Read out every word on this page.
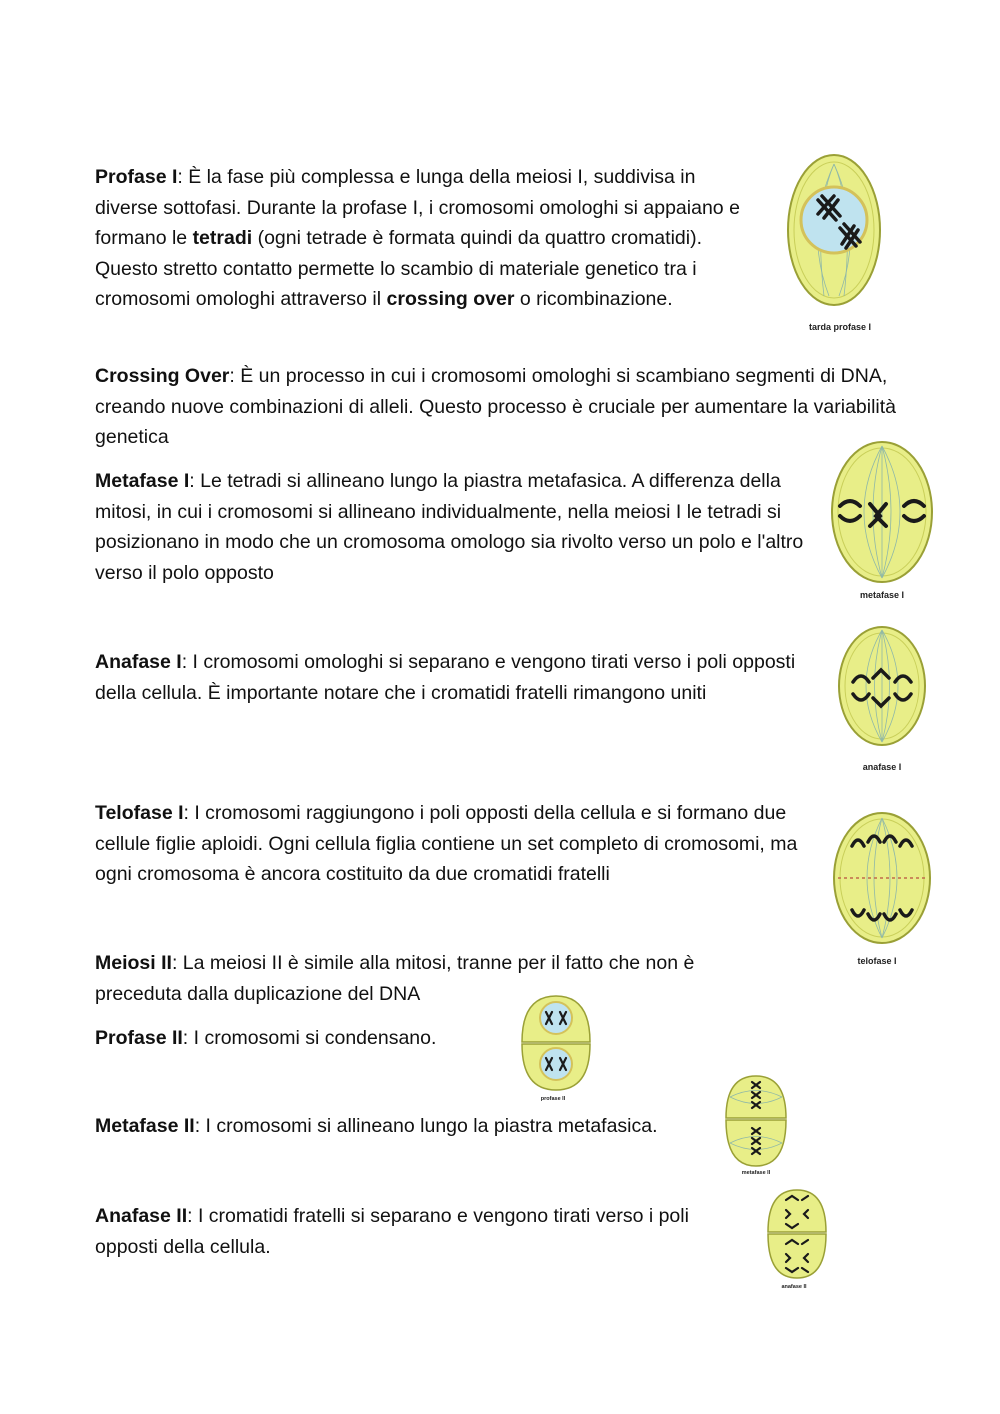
Profase I: È la fase più complessa e lunga della meiosi I, suddivisa in diverse sottofasi. Durante la profase I, i cromosomi omologhi si appaiano e formano le tetradi (ogni tetrade è formata quindi da quattro cromatidi). Questo stretto contatto permette lo scambio di materiale genetico tra i cromosomi omologhi attraverso il crossing over o ricombinazione.

Crossing Over: È un processo in cui i cromosomi omologhi si scambiano segmenti di DNA, creando nuove combinazioni di alleli. Questo processo è cruciale per aumentare la variabilità genetica

Metafase I: Le tetradi si allineano lungo la piastra metafasica. A differenza della mitosi, in cui i cromosomi si allineano individualmente, nella meiosi I le tetradi si posizionano in modo che un cromosoma omologo sia rivolto verso un polo e l'altro verso il polo opposto

Anafase I: I cromosomi omologhi si separano e vengono tirati verso i poli opposti della cellula. È importante notare che i cromatidi fratelli rimangono uniti

Telofase I: I cromosomi raggiungono i poli opposti della cellula e si formano due cellule figlie aploidi. Ogni cellula figlia contiene un set completo di cromosomi, ma ogni cromosoma è ancora costituito da due cromatidi fratelli

Meiosi II: La meiosi II è simile alla mitosi, tranne per il fatto che non è preceduta dalla duplicazione del DNA

Profase II: I cromosomi si condensano.

Metafase II: I cromosomi si allineano lungo la piastra metafasica.

Anafase II: I cromatidi fratelli si separano e vengono tirati verso i poli opposti della cellula.

tarda profase I
metafase I
anafase I
telofase I
profase II
metafase II
anafase II
